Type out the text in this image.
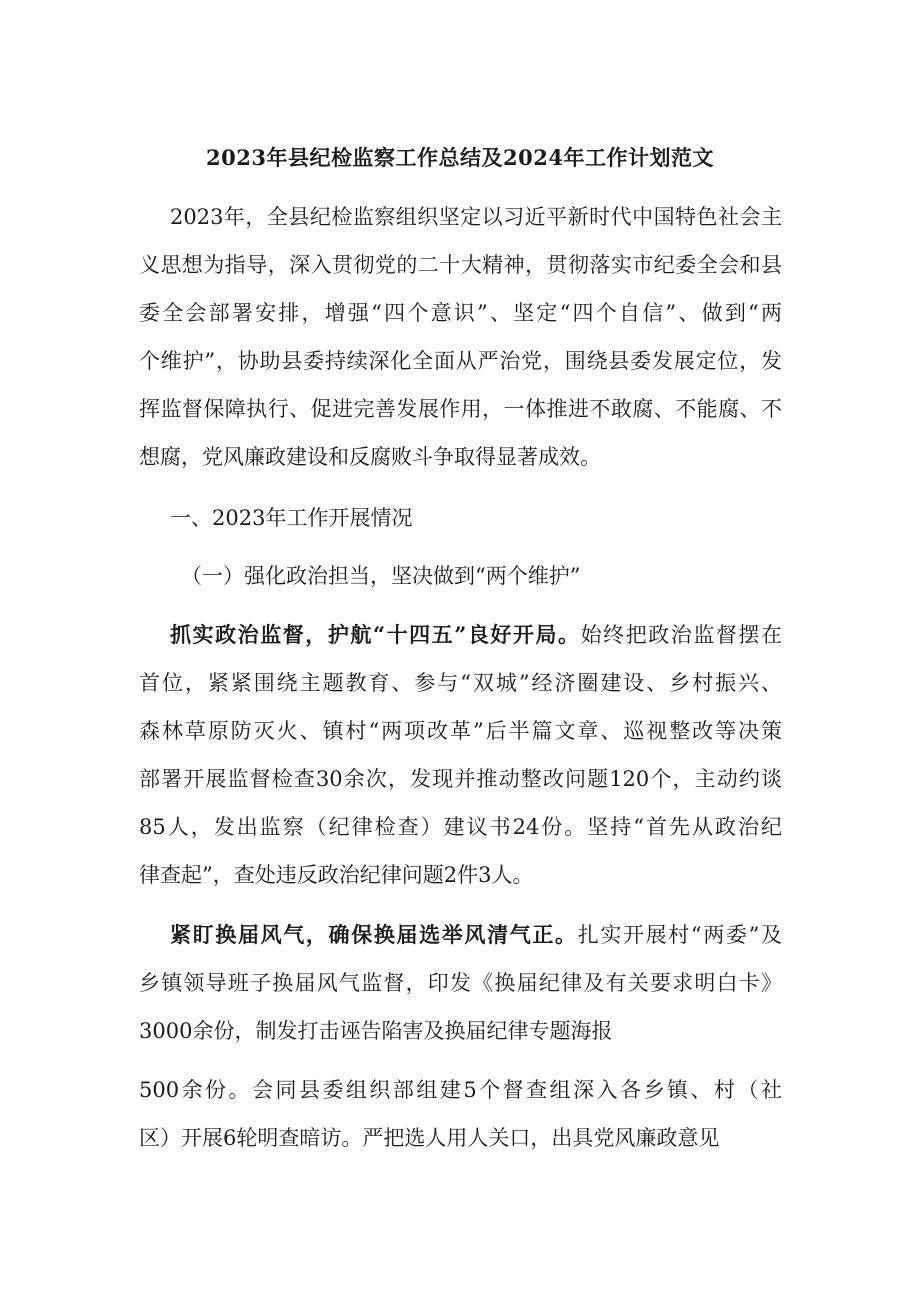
2023年县纪检监察工作总结及2024年工作计划范文
2023年，全县纪检监察组织坚定以习近平新时代中国特色社会主
义思想为指导，深入贯彻党的二十大精神，贯彻落实市纪委全会和县
委全会部署安排，增强“四个意识”、坚定“四个自信”、做到“两
个维护”，协助县委持续深化全面从严治党，围绕县委发展定位，发
挥监督保障执行、促进完善发展作用，一体推进不敢腐、不能腐、不
想腐，党风廉政建设和反腐败斗争取得显著成效。
一、2023年工作开展情况
（一）强化政治担当，坚决做到“两个维护”
抓实政治监督，护航“十四五”良好开局。始终把政治监督摆在
首位，紧紧围绕主题教育、参与“双城”经济圈建设、乡村振兴、
森林草原防灭火、镇村“两项改革”后半篇文章、巡视整改等决策
部署开展监督检查30余次，发现并推动整改问题120个，主动约谈
85人，发出监察（纪律检查）建议书24份。坚持“首先从政治纪
律查起”，查处违反政治纪律问题2件3人。
紧盯换届风气，确保换届选举风清气正。扎实开展村“两委”及
乡镇领导班子换届风气监督，印发《换届纪律及有关要求明白卡》
3000余份，制发打击诬告陷害及换届纪律专题海报
500余份。会同县委组织部组建5个督查组深入各乡镇、村（社
区）开展6轮明查暗访。严把选人用人关口，出具党风廉政意见
